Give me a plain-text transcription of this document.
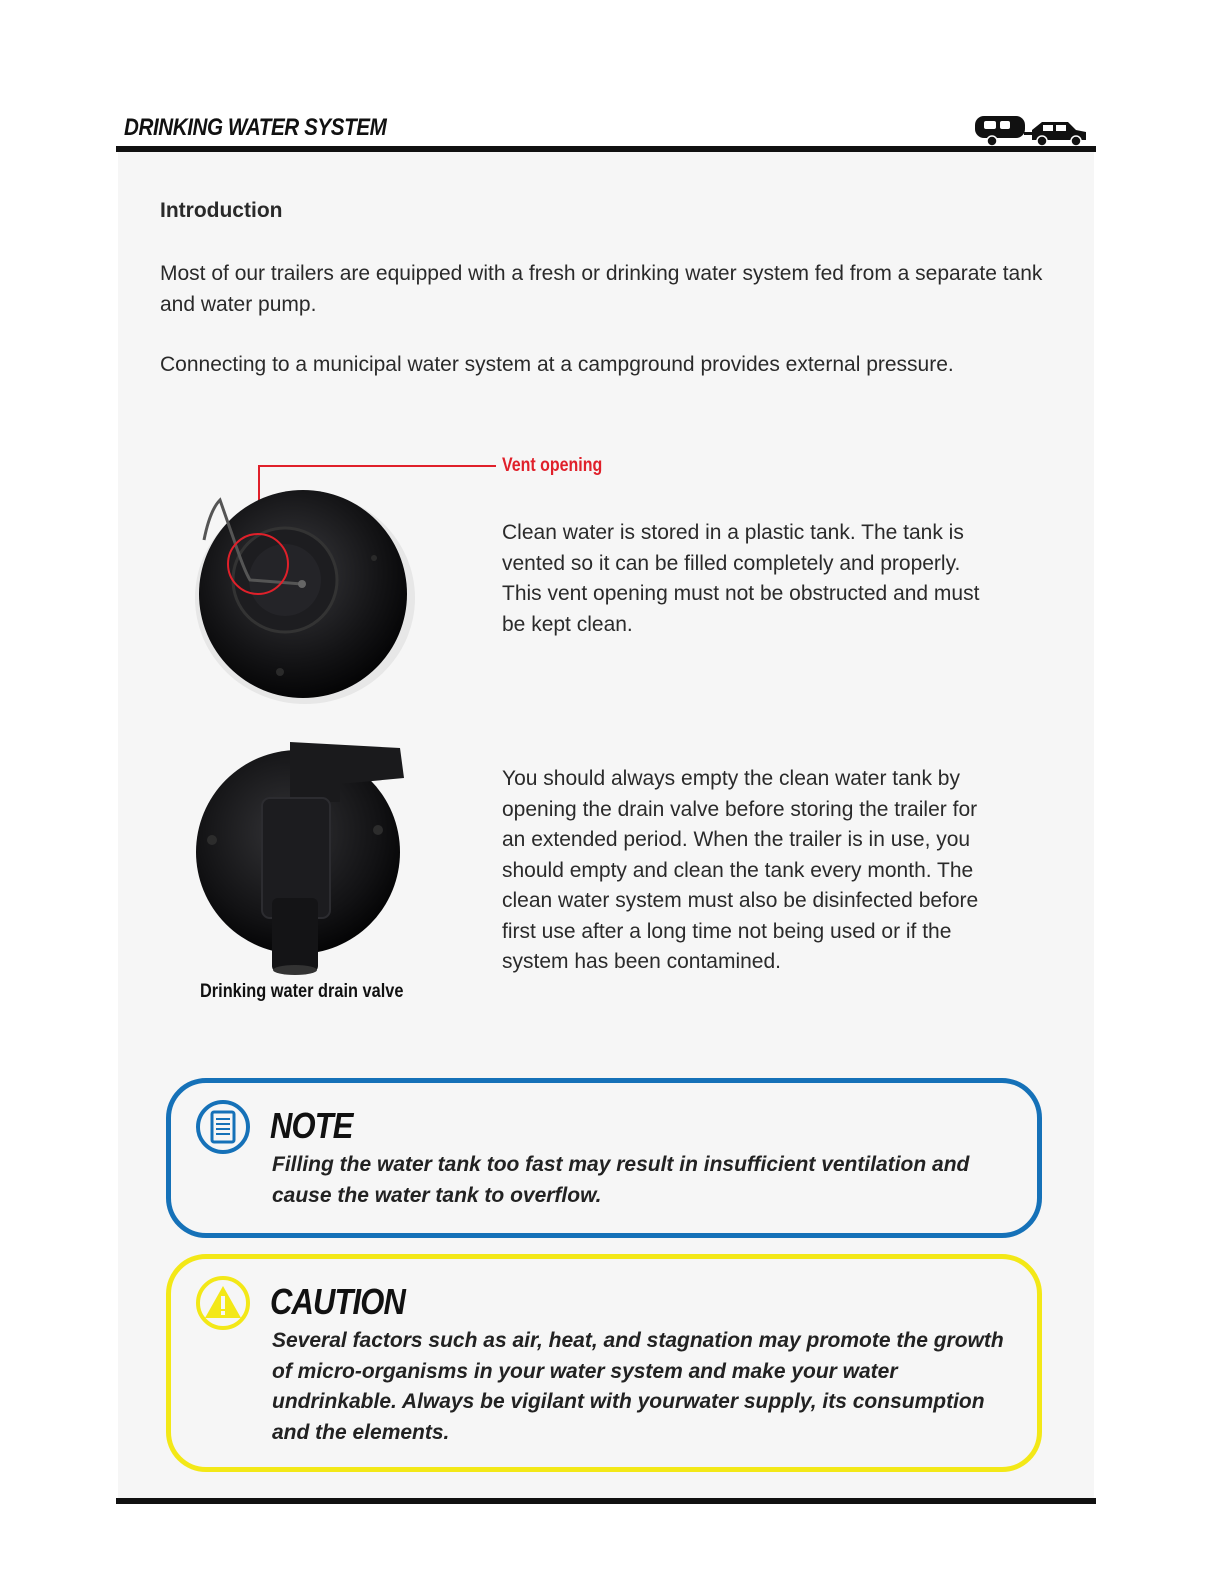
DRINKING WATER SYSTEM
Introduction
Most of our trailers are equipped with a fresh or drinking water system fed from a separate tank and water pump.
Connecting to a municipal water system at a campground provides external pressure.
Vent opening
Clean water is stored in a plastic tank. The tank is vented so it can be filled completely and properly. This vent opening must not be obstructed and must be kept clean.
Drinking water drain valve
You should always empty the clean water tank by opening the drain valve before storing the trailer for an extended period. When the trailer is in use, you should empty and clean the tank every month. The clean water system must also be disinfected before first use after a long time not being used or if the system has been contamined.
NOTE
Filling the water tank too fast may result in insufficient ventilation and cause the water tank to overflow.
CAUTION
Several factors such as air, heat, and stagnation may promote the growth of micro-organisms in your water system and make your water undrinkable. Always be vigilant with yourwater supply, its consumption and the elements.
